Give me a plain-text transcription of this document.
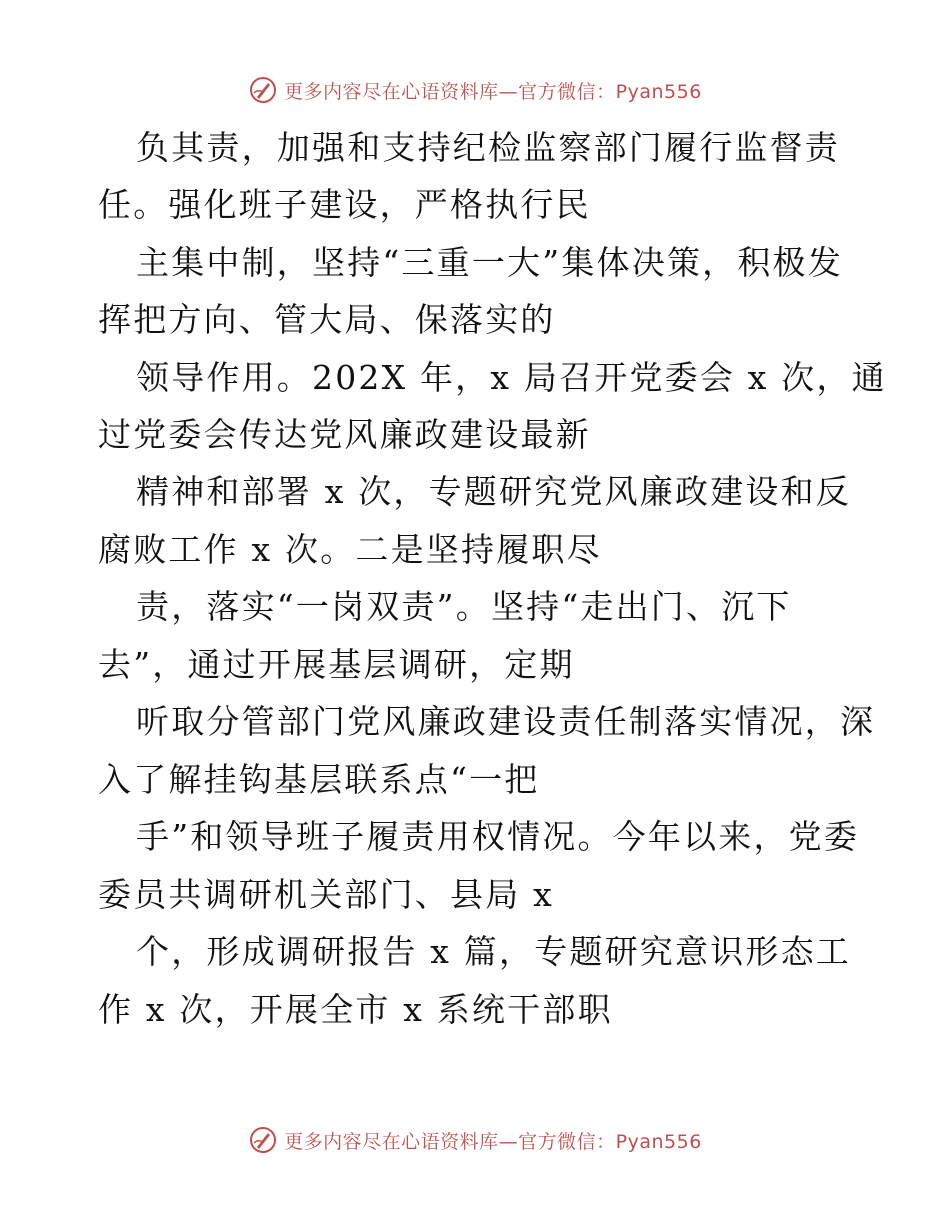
更多内容尽在心语资料库—官方微信：Pyan556
负其责，加强和支持纪检监察部门履行监督责
任。强化班子建设，严格执行民
主集中制，坚持“三重一大”集体决策，积极发
挥把方向、管大局、保落实的
领导作用。202X 年，x 局召开党委会 x 次，通
过党委会传达党风廉政建设最新
精神和部署 x 次，专题研究党风廉政建设和反
腐败工作 x 次。二是坚持履职尽
责，落实“一岗双责”。坚持“走出门、沉下
去”，通过开展基层调研，定期
听取分管部门党风廉政建设责任制落实情况，深
入了解挂钩基层联系点“一把
手”和领导班子履责用权情况。今年以来，党委
委员共调研机关部门、县局 x
个，形成调研报告 x 篇，专题研究意识形态工
作 x 次，开展全市 x 系统干部职
更多内容尽在心语资料库—官方微信：Pyan556
